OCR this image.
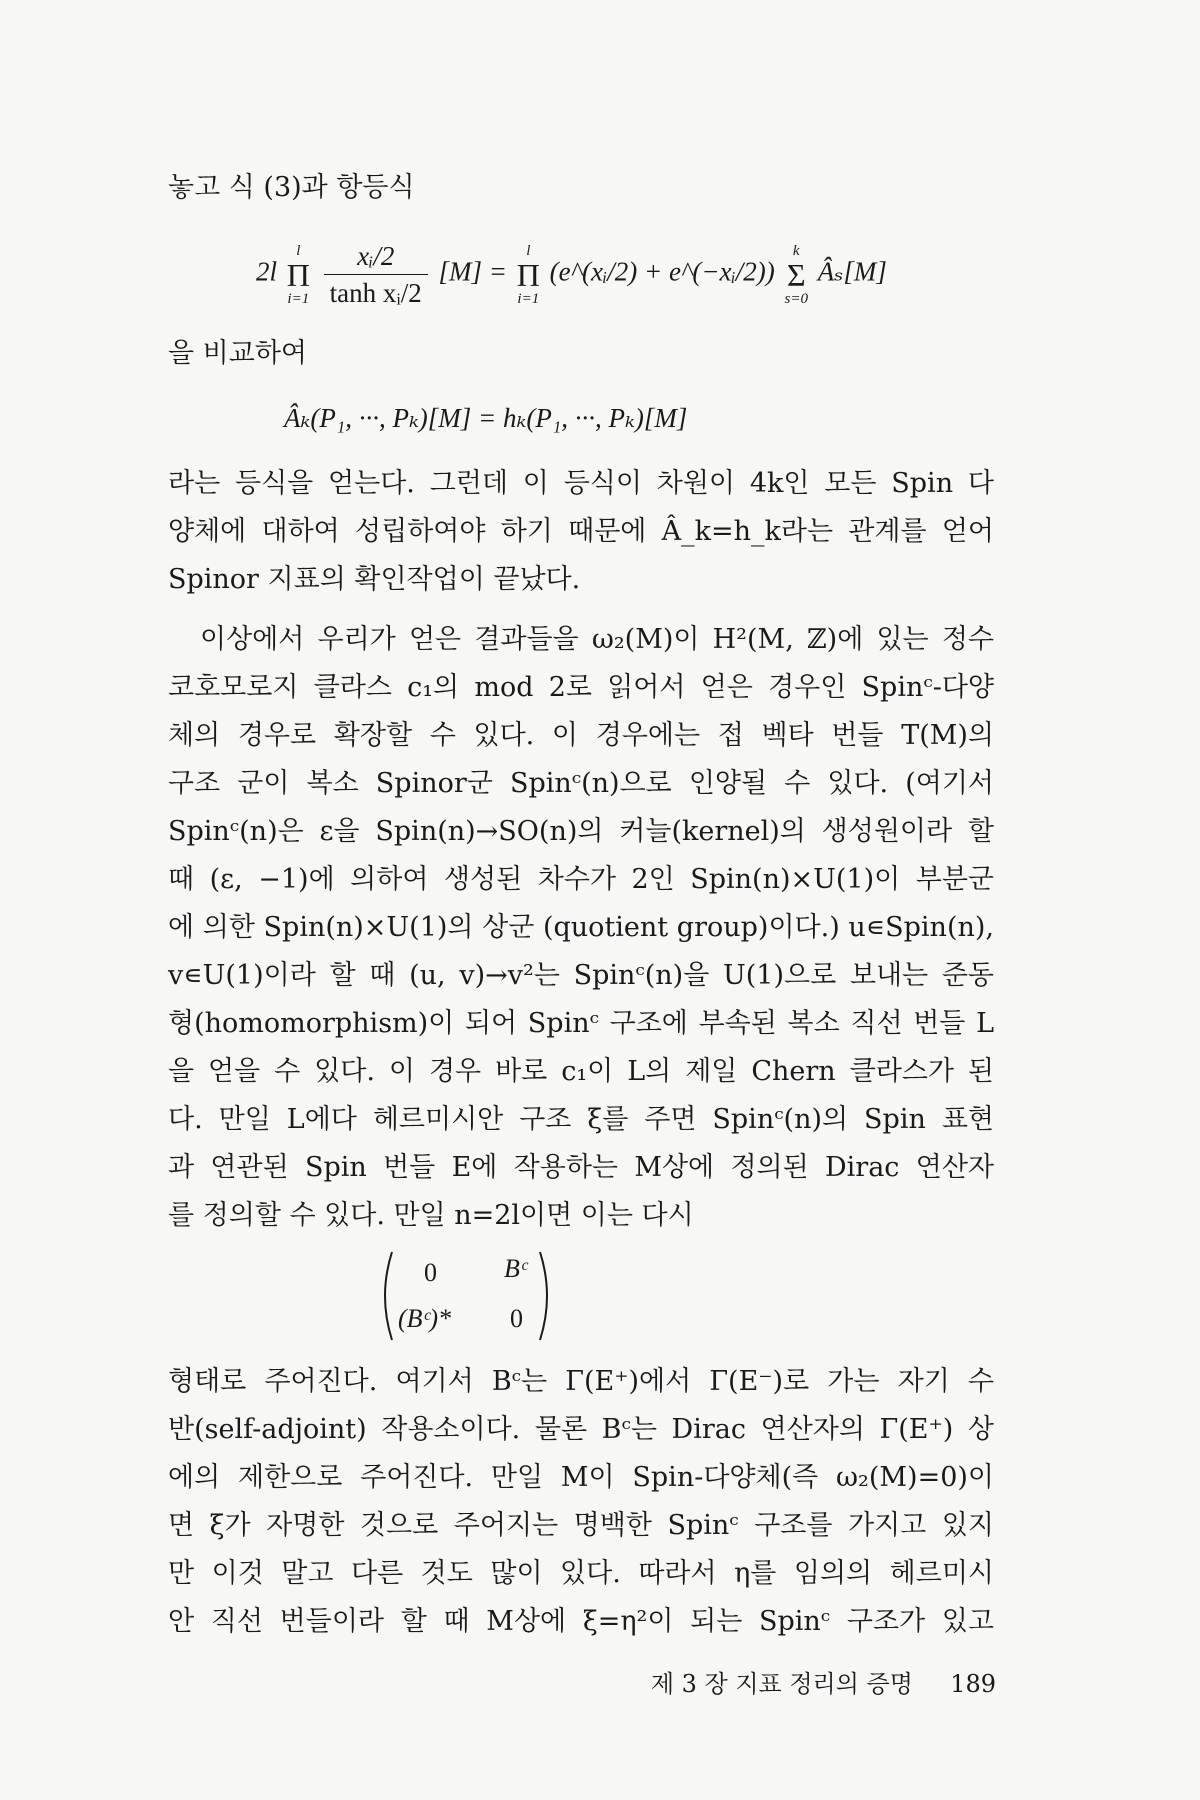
놓고 식 (3)과 항등식
2l
l
Π
i=1
$\frac{\text{xᵢ/2}}{\text{tanh xᵢ/2}} [M]$ =
l
Π
i=1
(e^(xᵢ/2) + e^(−xᵢ/2))
k
Σ
s=0
Âₛ[M]
을 비교하여
Âₖ(P₁, ···, Pₖ)[M] = hₖ(P₁, ···, Pₖ)[M]
라는 등식을 얻는다. 그런데 이 등식이 차원이 4k인 모든 Spin 다
양체에 대하여 성립하여야 하기 때문에 Â_k=h_k라는 관계를 얻어
Spinor 지표의 확인작업이 끝났다.
이상에서 우리가 얻은 결과들을 ω₂(M)이 H²(M, ℤ)에 있는 정수
코호모로지 클라스 c₁의 mod 2로 읽어서 얻은 경우인 Spinᶜ-다양
체의 경우로 확장할 수 있다. 이 경우에는 접 벡타 번들 T(M)의
구조 군이 복소 Spinor군 Spinᶜ(n)으로 인양될 수 있다. (여기서
Spinᶜ(n)은 ε을 Spin(n)→SO(n)의 커늘(kernel)의 생성원이라 할
때 (ε, −1)에 의하여 생성된 차수가 2인 Spin(n)×U(1)이 부분군
에 의한 Spin(n)×U(1)의 상군 (quotient group)이다.) u∊Spin(n),
v∊U(1)이라 할 때 (u, v)→v²는 Spinᶜ(n)을 U(1)으로 보내는 준동
형(homomorphism)이 되어 Spinᶜ 구조에 부속된 복소 직선 번들 L
을 얻을 수 있다. 이 경우 바로 c₁이 L의 제일 Chern 클라스가 된
다. 만일 L에다 헤르미시안 구조 ξ를 주면 Spinᶜ(n)의 Spin 표현
과 연관된 Spin 번들 E에 작용하는 M상에 정의된 Dirac 연산자
를 정의할 수 있다. 만일 n=2l이면 이는 다시
0	Bᶜ
(Bᶜ)* 0
형태로 주어진다. 여기서 Bᶜ는 Γ(E⁺)에서 Γ(E⁻)로 가는 자기 수
반(self-adjoint) 작용소이다. 물론 Bᶜ는 Dirac 연산자의 Γ(E⁺) 상
에의 제한으로 주어진다. 만일 M이 Spin-다양체(즉 ω₂(M)=0)이
면 ξ가 자명한 것으로 주어지는 명백한 Spinᶜ 구조를 가지고 있지
만 이것 말고 다른 것도 많이 있다. 따라서 η를 임의의 헤르미시
안 직선 번들이라 할 때 M상에 ξ=η²이 되는 Spinᶜ 구조가 있고
제 3 장 지표 정리의 증명 189
